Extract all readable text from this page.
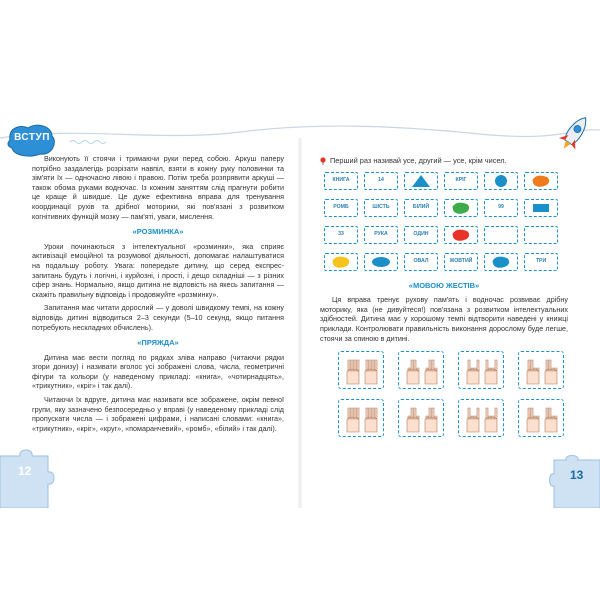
ВСТУП

Виконують її стоячи і тримаючи руки перед собою. Аркуш паперу потрібно заздалегідь розрізати навпіл, взяти в кожну руку половинки та зім'яти їх — одночасно лівою і правою. Потім треба розпрявити аркуші — також обома руками водночас. Із кожним заняттям слід прагнути робити це краще й швидше. Це дуже ефективна вправа для тренування координації рухів та дрібної моторики, які пов'язані з розвитком когнітивних функцій мозку — пам'яті, уваги, мислення.

«РОЗМИНКА»

Уроки починаються з інтелектуальної «розминки», яка сприяє активізації емоційної та розумової діяльності, допомагає налаштуватися на подальшу роботу. Увага: попередьте дитину, що серед експрес-запитань будуть і логічні, і курйозні, і прості, і дещо складніші — з різних сфер знань. Нормально, якщо дитина не відповість на якесь запитання — скажіть правильну відповідь і продовжуйте «розминку».

Запитання має читати дорослий — у доволі швидкому темпі, на кожну відповідь дитині відводиться 2–3 секунди (5–10 секунд, якщо питання потребують нескладних обчислень).

«ПРЯЖДА»

Дитина має вести погляд по рядках зліва направо (читаючи рядки згори донизу) і називати вголос усі зображені слова, числа, геометричні фігури та кольори (у наведеному прикладі: «книга», «чотирнадцять», «трикутник», «кріг» і так далі).

Читаючи їх вдруге, дитина має називати все зображене, окрім певної групи, яку зазначено безпосередньо у вправі (у наведеному прикладі слід пропускати числа — і зображені цифрами, і написані словами: «книга», «трикутник», «кріг», «круг», «помаранчевий», «ромб», «білий» і так далі).

12
Перший раз називай усе, другий — усе, крім чисел.
КНИГА	14	КРІГ
РОМБ	ШІСТЬ	БІЛИЙ	99
33	РУКА	ОДИН
ОВАЛ	ЖОВТИЙ	ТРИ
«МОВОЮ ЖЕСТІВ»

Ця вправа тренує рухову пам'ять і водночас розвиває дрібну моторику, яка (не дивуйтеся!) пов'язана з розвитком інтелектуальних здібностей. Дитина має у хорошому темпі відтворити наведені у книжці приклади. Контролювати правильність виконання дорослому буде легше, стоячи за спиною в дитині.

13
